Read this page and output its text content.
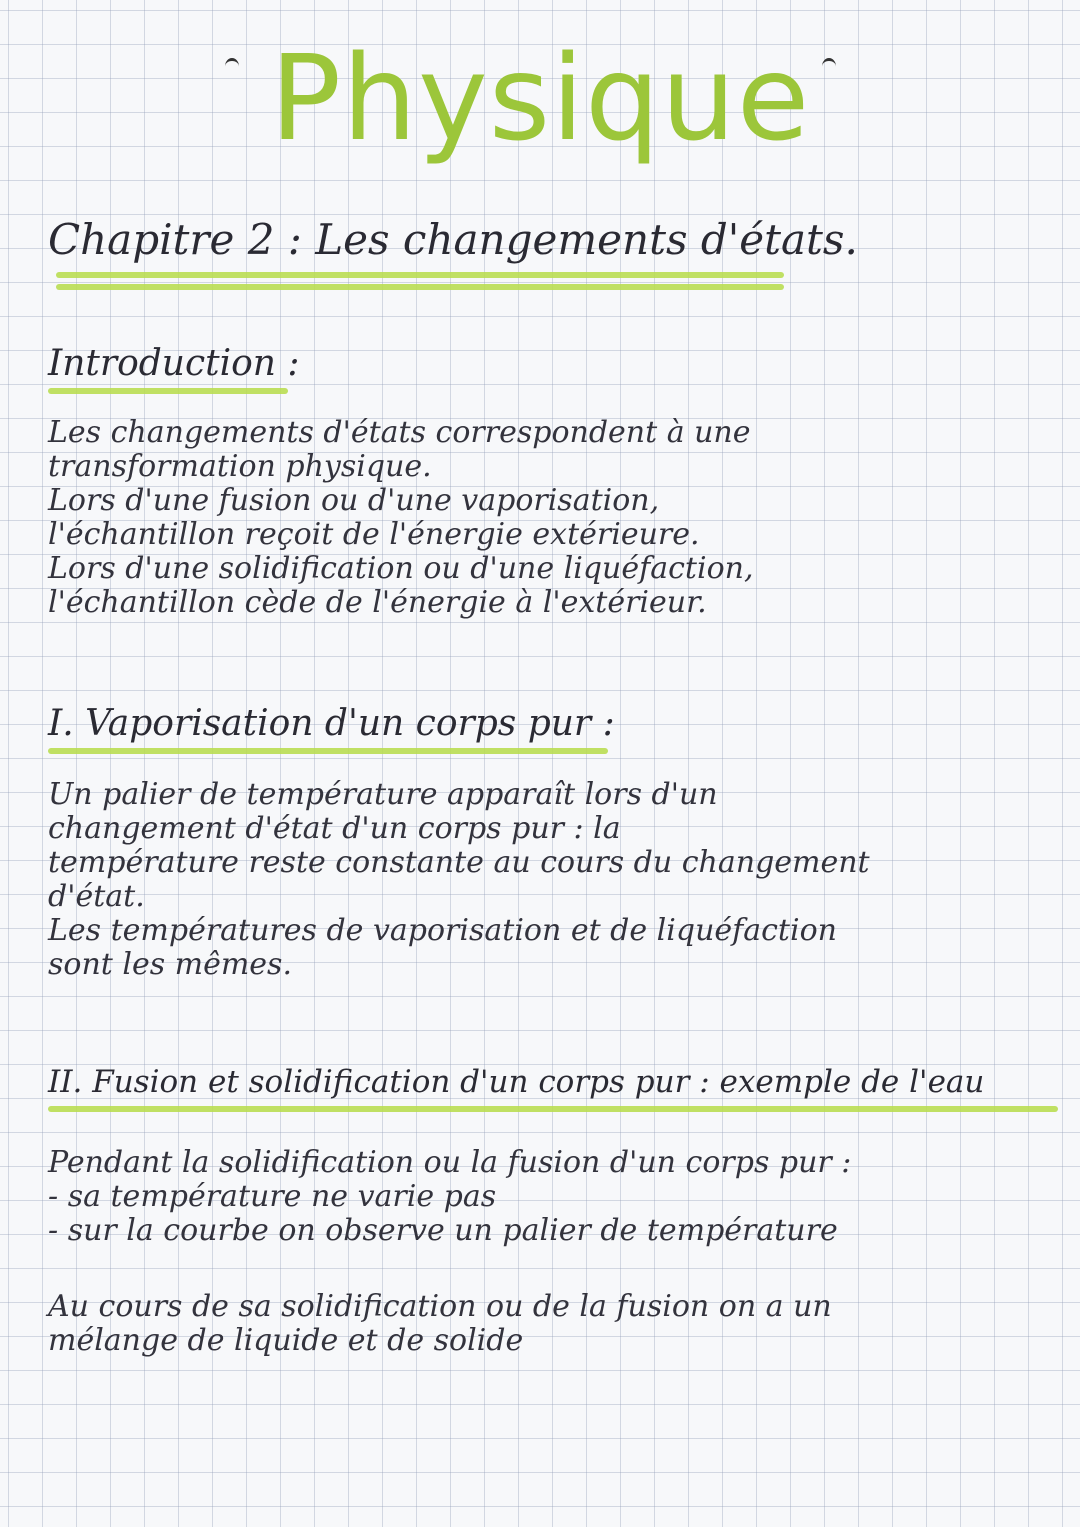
Physique
Chapitre 2 : Les changements d'états.
Introduction :

Les changements d'états correspondent à une

transformation physique.

Lors d'une fusion ou d'une vaporisation,

l'échantillon reçoit de l'énergie extérieure.

Lors d'une solidification ou d'une liquéfaction,

l'échantillon cède de l'énergie à l'extérieur.

I. Vaporisation d'un corps pur :

Un palier de température apparaît lors d'un

changement d'état d'un corps pur : la

température reste constante au cours du changement

d'état.

Les températures de vaporisation et de liquéfaction

sont les mêmes.

II. Fusion et solidification d'un corps pur : exemple de l'eau

Pendant la solidification ou la fusion d'un corps pur :

- sa température ne varie pas
- sur la courbe on observe un palier de température

Au cours de sa solidification ou de la fusion on a un

mélange de liquide et de solide
